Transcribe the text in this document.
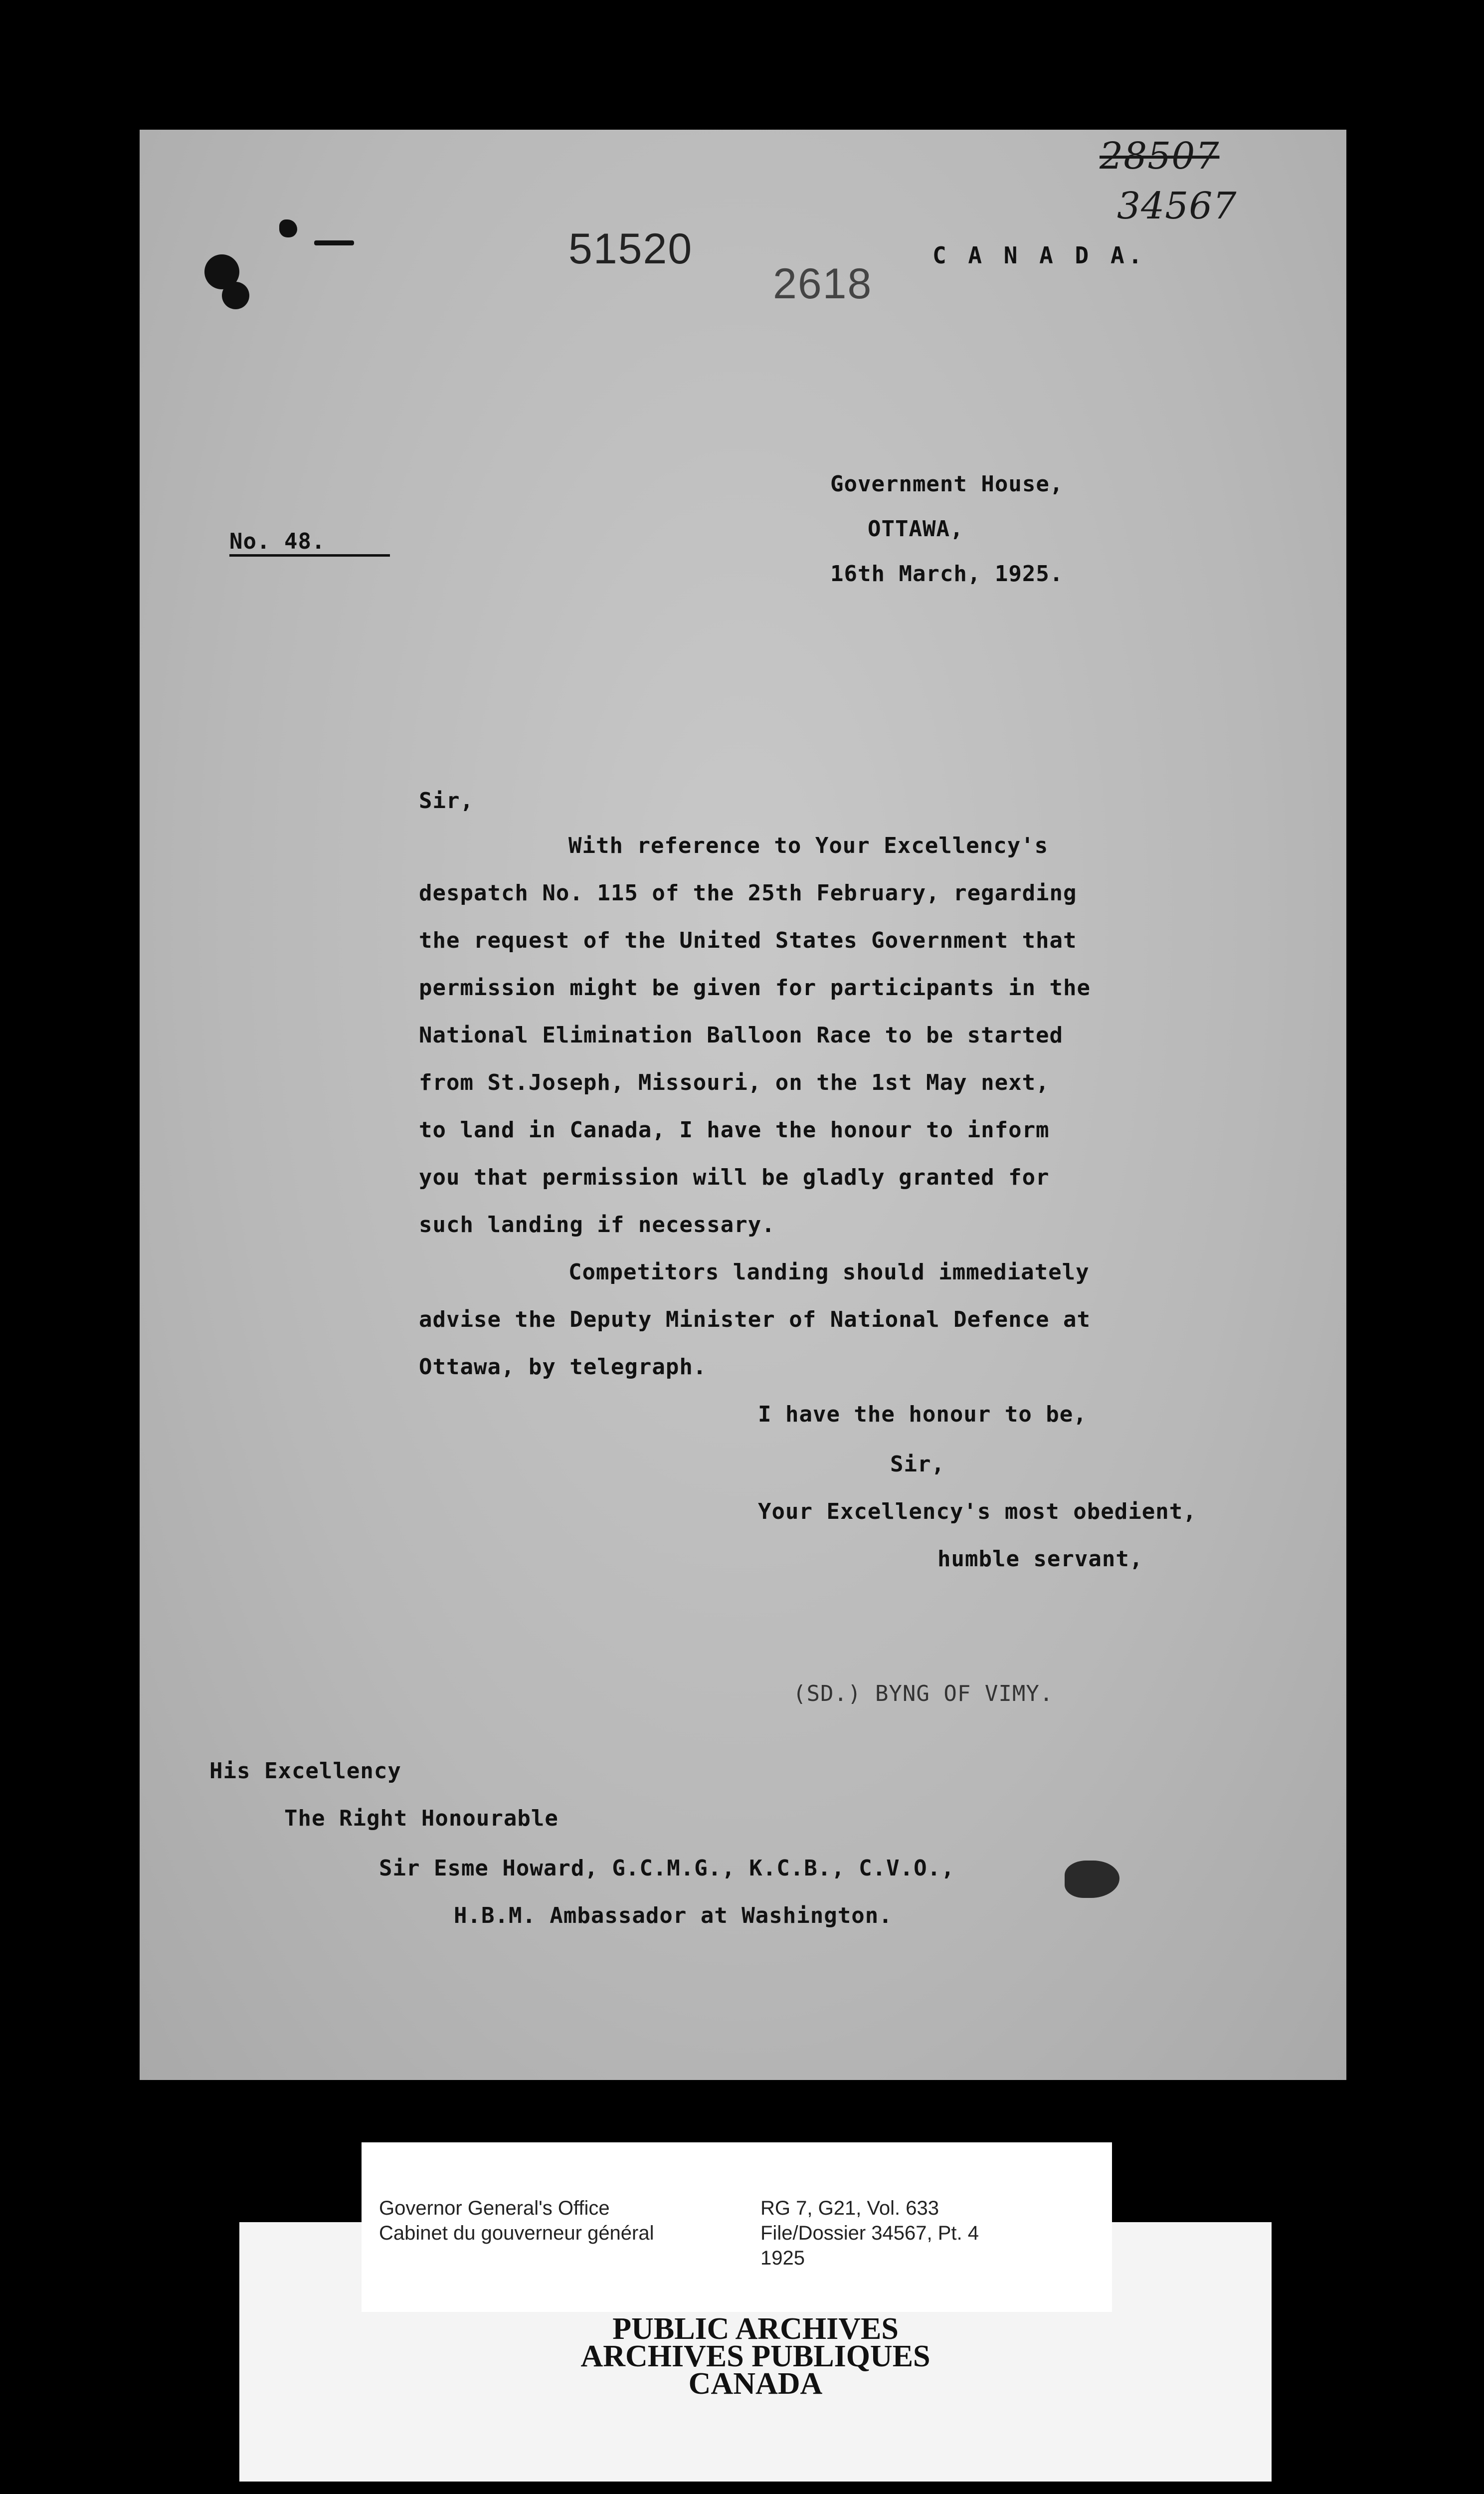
28507
34567
51520
2618
C A N A D A.
Government House,
OTTAWA,
No. 48.
16th March, 1925.
Sir,
With reference to Your Excellency's
despatch No. 115 of the 25th February, regarding
the request of the United States Government that
permission might be given for participants in the
National Elimination Balloon Race to be started
from St.Joseph, Missouri, on the 1st May next,
to land in Canada, I have the honour to inform
you that permission will be gladly granted for
such landing if necessary.
Competitors landing should immediately
advise the Deputy Minister of National Defence at
Ottawa, by telegraph.
I have the honour to be,
Sir,
Your Excellency's most obedient,
humble servant,
(SD.) BYNG OF VIMY.
His Excellency
The Right Honourable
Sir Esme Howard, G.C.M.G., K.C.B., C.V.O.,
H.B.M. Ambassador at Washington.
PUBLIC ARCHIVES
ARCHIVES PUBLIQUES
CANADA
Governor General's Office
Cabinet du gouverneur général
RG 7, G21, Vol. 633
File/Dossier 34567, Pt. 4
1925
